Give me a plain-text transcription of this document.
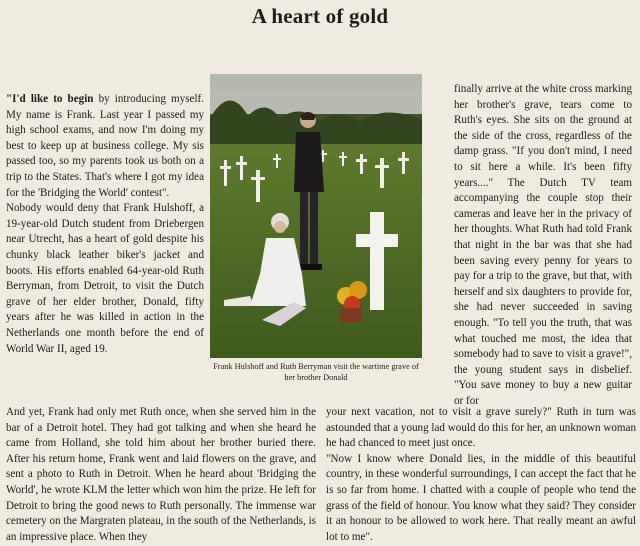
A heart of gold

"I'd like to begin by introducing myself. My name is Frank. Last year I passed my high school exams, and now I'm doing my best to keep up at business college. My sis passed too, so my parents took us both on a trip to the States. That's where I got my idea for the 'Bridging the World' contest".

Nobody would deny that Frank Hulshoff, a 19-year-old Dutch student from Driebergen near Utrecht, has a heart of gold despite his chunky black leather biker's jacket and boots. His efforts enabled 64-year-old Ruth Berryman, from Detroit, to visit the Dutch grave of her elder brother, Donald, fifty years after he was killed in action in the Netherlands one month before the end of World War II, aged 19.

Frank Hulshoff and Ruth Berryman visit the wartime grave of her brother Donald

finally arrive at the white cross marking her brother's grave, tears come to Ruth's eyes. She sits on the ground at the side of the cross, regardless of the damp grass. "If you don't mind, I need to sit here a while. It's been fifty years...." The Dutch TV team accompanying the couple stop their cameras and leave her in the privacy of her thoughts. What Ruth had told Frank that night in the bar was that she had been saving every penny for years to pay for a trip to the grave, but that, with herself and six daughters to provide for, she had never succeeded in saving enough. "To tell you the truth, that was what touched me most, the idea that somebody had to save to visit a grave!", the young student says in disbelief. "You save money to buy a new guitar or for

And yet, Frank had only met Ruth once, when she served him in the bar of a Detroit hotel. They had got talking and when she heard he came from Holland, she told him about her brother buried there. After his return home, Frank went and laid flowers on the grave, and sent a photo to Ruth in Detroit. When he heard about 'Bridging the World', he wrote KLM the letter which won him the prize. He left for Detroit to bring the good news to Ruth personally. The immense war cemetery on the Margraten plateau, in the south of the Netherlands, is an impressive place. When they

your next vacation, not to visit a grave surely?" Ruth in turn was astounded that a young lad would do this for her, an unknown woman he had chanced to meet just once.

"Now I know where Donald lies, in the middle of this beautiful country, in these wonderful surroundings, I can accept the fact that he is so far from home. I chatted with a couple of people who tend the grass of the field of honour. You know what they said? They consider it an honour to be allowed to work here. That really meant an awful lot to me".
